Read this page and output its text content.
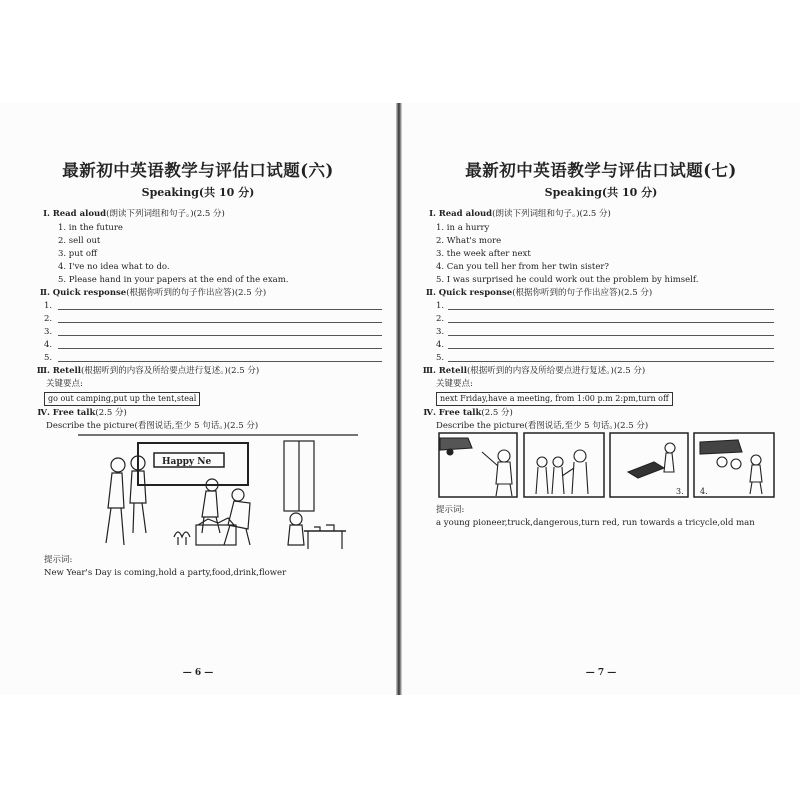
最新初中英语教学与评估口试题(六)
Speaking(共 10 分)
Ⅰ. Read aloud(朗读下列词组和句子。)(2.5 分)
1. in the future
2. sell out
3. put off
4. I've no idea what to do.
5. Please hand in your papers at the end of the exam.
Ⅱ. Quick response(根据你听到的句子作出应答)(2.5 分)
1.
2.
3.
4.
5.
Ⅲ. Retell(根据听到的内容及所给要点进行复述。)(2.5 分)
关键要点:
go out camping,put up the tent,steal
Ⅳ. Free talk(2.5 分)
Describe the picture(看图说话,至少 5 句话。)(2.5 分)
Happy Ne
提示词:
New Year's Day is coming,hold a party,food,drink,flower
— 6 —
最新初中英语教学与评估口试题(七)
Speaking(共 10 分)
Ⅰ. Read aloud(朗读下列词组和句子。)(2.5 分)
1. in a hurry
2. What's more
3. the week after next
4. Can you tell her from her twin sister?
5. I was surprised he could work out the problem by himself.
Ⅱ. Quick response(根据你听到的句子作出应答)(2.5 分)
1.
2.
3.
4.
5.
Ⅲ. Retell(根据听到的内容及所给要点进行复述。)(2.5 分)
关键要点:
next Friday,have a meeting, from 1:00 p.m 2:pm,turn off
Ⅳ. Free talk(2.5 分)
Describe the picture(看图说话,至少 5 句话。)(2.5 分)
3. 4.
提示词:
a young pioneer,truck,dangerous,turn red, run towards a tricycle,old man
— 7 —
